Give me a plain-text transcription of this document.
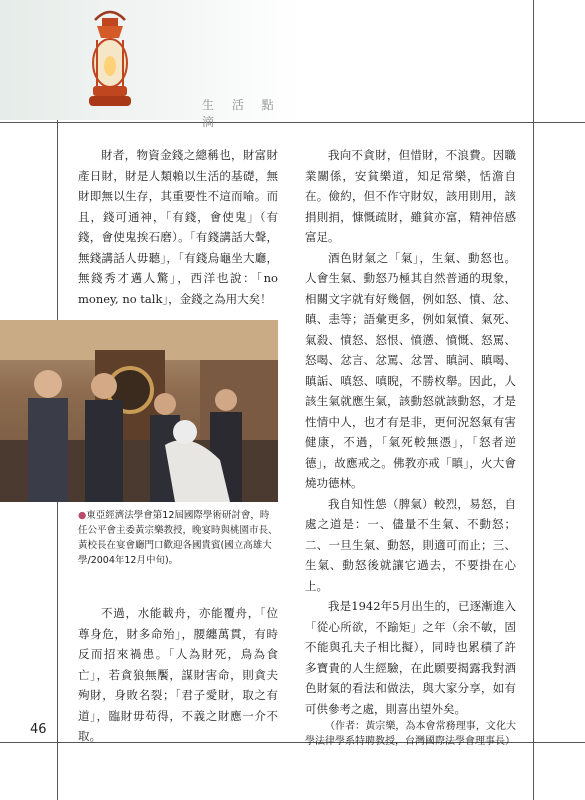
生 活 點 滴

財者，物資金錢之總稱也，財富財產日財，財是人類賴以生活的基礎，無財即無以生存，其重要性不這而喻。而且，錢可通神，「有錢，會使鬼」（有錢，會使鬼挨石磨）。「有錢講話大聲，無錢講話人毋聽」，「有錢烏龜坐大廳，無錢秀才邁人驚」，西洋也說：「no money, no talk」，金錢之為用大矣！

●東亞經濟法學會第12屆國際學術研討會，時任公平會主委黃宗樂教授，晚宴時與桃園市長、黃校長在宴會廳門口歡迎各國貴賓(國立高雄大學/2004年12月中旬)。

不過，水能載舟，亦能覆舟，「位尊身危，財多命殆」，腰纏萬貫，有時反而招來禍患。「人為財死，鳥為食亡」，若貪狼無饜，謀財害命，則貪夫殉財，身敗名裂；「君子愛財，取之有道」，臨財毋苟得，不義之財應一介不取。

我向不貪財，但惜財，不浪費。因職業關係，安貧樂道，知足常樂，恬澹自在。儉約，但不作守財奴，該用則用，該捐則捐，慷慨疏財，雖貧亦富，精神倍感富足。

酒色財氣之「氣」，生氣、動怒也。人會生氣、動怒乃極其自然普通的現象，相關文字就有好幾個，例如怒、憤、忿、瞋、恚等；語彙更多，例如氣憤、氣死、氣殺、憤怒、怒恨、憤懣、憤慨、怒罵、怒喝、忿言、忿罵、忿詈、瞋詞、瞋喝、瞋詬、嗔怒、嗔睨，不勝枚舉。因此，人該生氣就應生氣，該動怒就該動怒，才是性情中人，也才有是非，更何況怒氣有害健康，不過，「氣死較無憑」，「怒者逆德」，故應戒之。佛教亦戒「瞋」，火大會燒功德林。

我自知性怹（脾氣）較烈，易怒，自處之道是：一、儘量不生氣、不動怒；二、一旦生氣、動怒，則適可而止；三、生氣、動怒後就讓它過去，不要掛在心上。

我是1942年5月出生的，已逐漸進入「從心所欲，不踰矩」之年（余不敏，固不能與孔夫子相比擬），同時也累積了許多寶貴的人生經驗，在此願要揭露我對酒色財氣的看法和做法，與大家分享，如有可供參考之處，則喜出望外矣。

（作者：黃宗樂，為本會常務理事，文化大學法律學系特聘教授，台灣國際法學會理事長）

46
